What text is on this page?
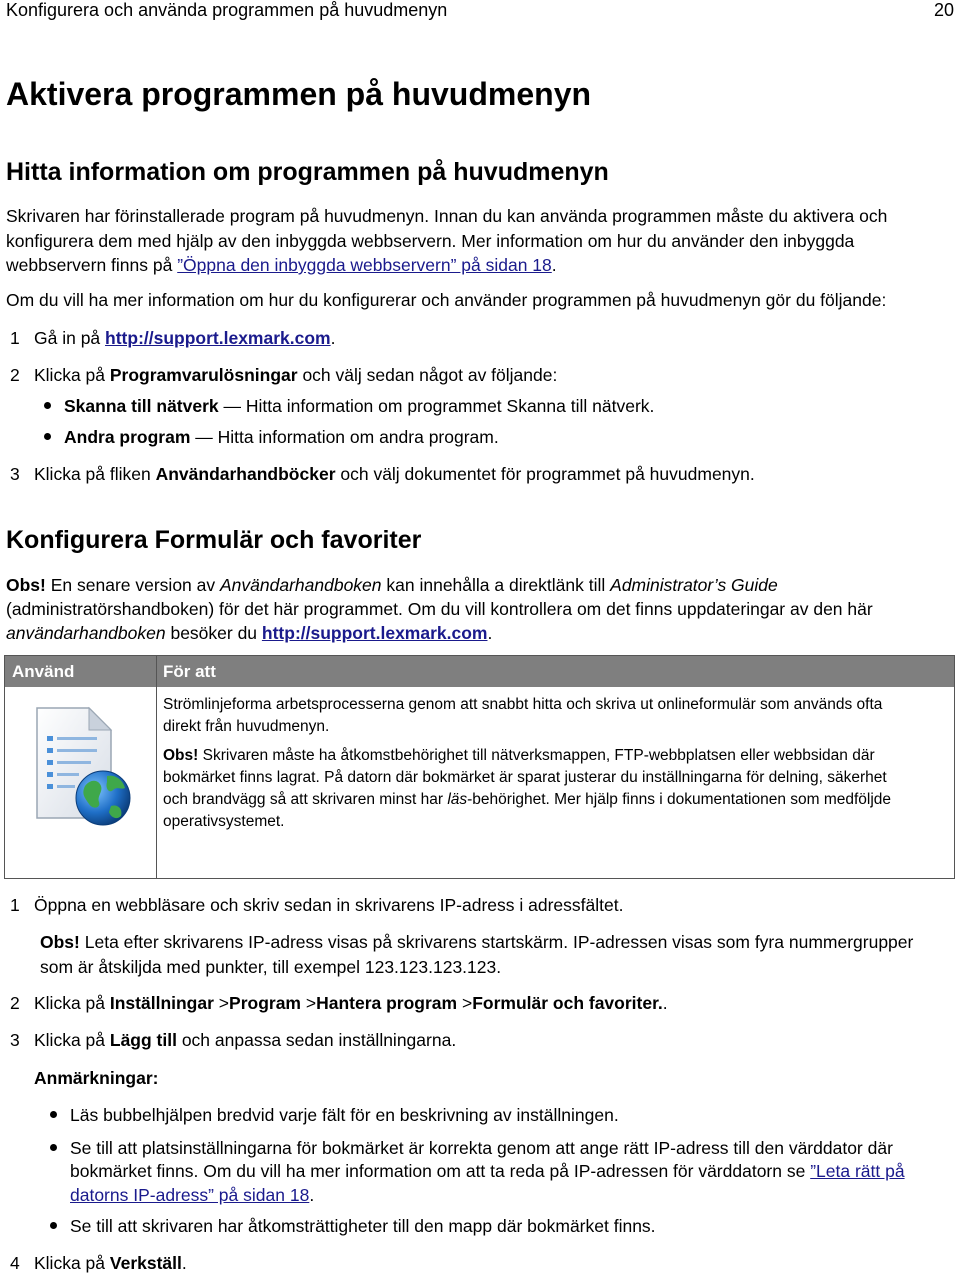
Konfigurera och använda programmen på huvudmenyn	20
Aktivera programmen på huvudmenyn
Hitta information om programmen på huvudmenyn
Skrivaren har förinstallerade program på huvudmenyn. Innan du kan använda programmen måste du aktivera och
konfigurera dem med hjälp av den inbyggda webbservern. Mer information om hur du använder den inbyggda
webbservern finns på ”Öppna den inbyggda webbservern” på sidan 18.
Om du vill ha mer information om hur du konfigurerar och använder programmen på huvudmenyn gör du följande:
1 Gå in på http://support.lexmark.com.
2 Klicka på Programvarulösningar och välj sedan något av följande:
Skanna till nätverk — Hitta information om programmet Skanna till nätverk.
Andra program — Hitta information om andra program.
3 Klicka på fliken Användarhandböcker och välj dokumentet för programmet på huvudmenyn.
Konfigurera Formulär och favoriter
Obs! En senare version av Användarhandboken kan innehålla a direktlänk till Administrator’s Guide
(administratörshandboken) för det här programmet. Om du vill kontrollera om det finns uppdateringar av den här
användarhandboken besöker du http://support.lexmark.com.
Använd	För att
Strömlinjeforma arbetsprocesserna genom att snabbt hitta och skriva ut onlineformulär som används ofta
direkt från huvudmenyn.
Obs! Skrivaren måste ha åtkomstbehörighet till nätverksmappen, FTP-webbplatsen eller webbsidan där
bokmärket finns lagrat. På datorn där bokmärket är sparat justerar du inställningarna för delning, säkerhet
och brandvägg så att skrivaren minst har läs-behörighet. Mer hjälp finns i dokumentationen som medföljde
operativsystemet.
1 Öppna en webbläsare och skriv sedan in skrivarens IP-adress i adressfältet.
Obs! Leta efter skrivarens IP-adress visas på skrivarens startskärm. IP-adressen visas som fyra nummergrupper
som är åtskiljda med punkter, till exempel 123.123.123.123.
2 Klicka på Inställningar >Program >Hantera program >Formulär och favoriter..
3 Klicka på Lägg till och anpassa sedan inställningarna.
Anmärkningar:
Läs bubbelhjälpen bredvid varje fält för en beskrivning av inställningen.
Se till att platsinställningarna för bokmärket är korrekta genom att ange rätt IP-adress till den värddator där
bokmärket finns. Om du vill ha mer information om att ta reda på IP-adressen för värddatorn se ”Leta rätt på
datorns IP-adress” på sidan 18.
Se till att skrivaren har åtkomsträttigheter till den mapp där bokmärket finns.
4 Klicka på Verkställ.
